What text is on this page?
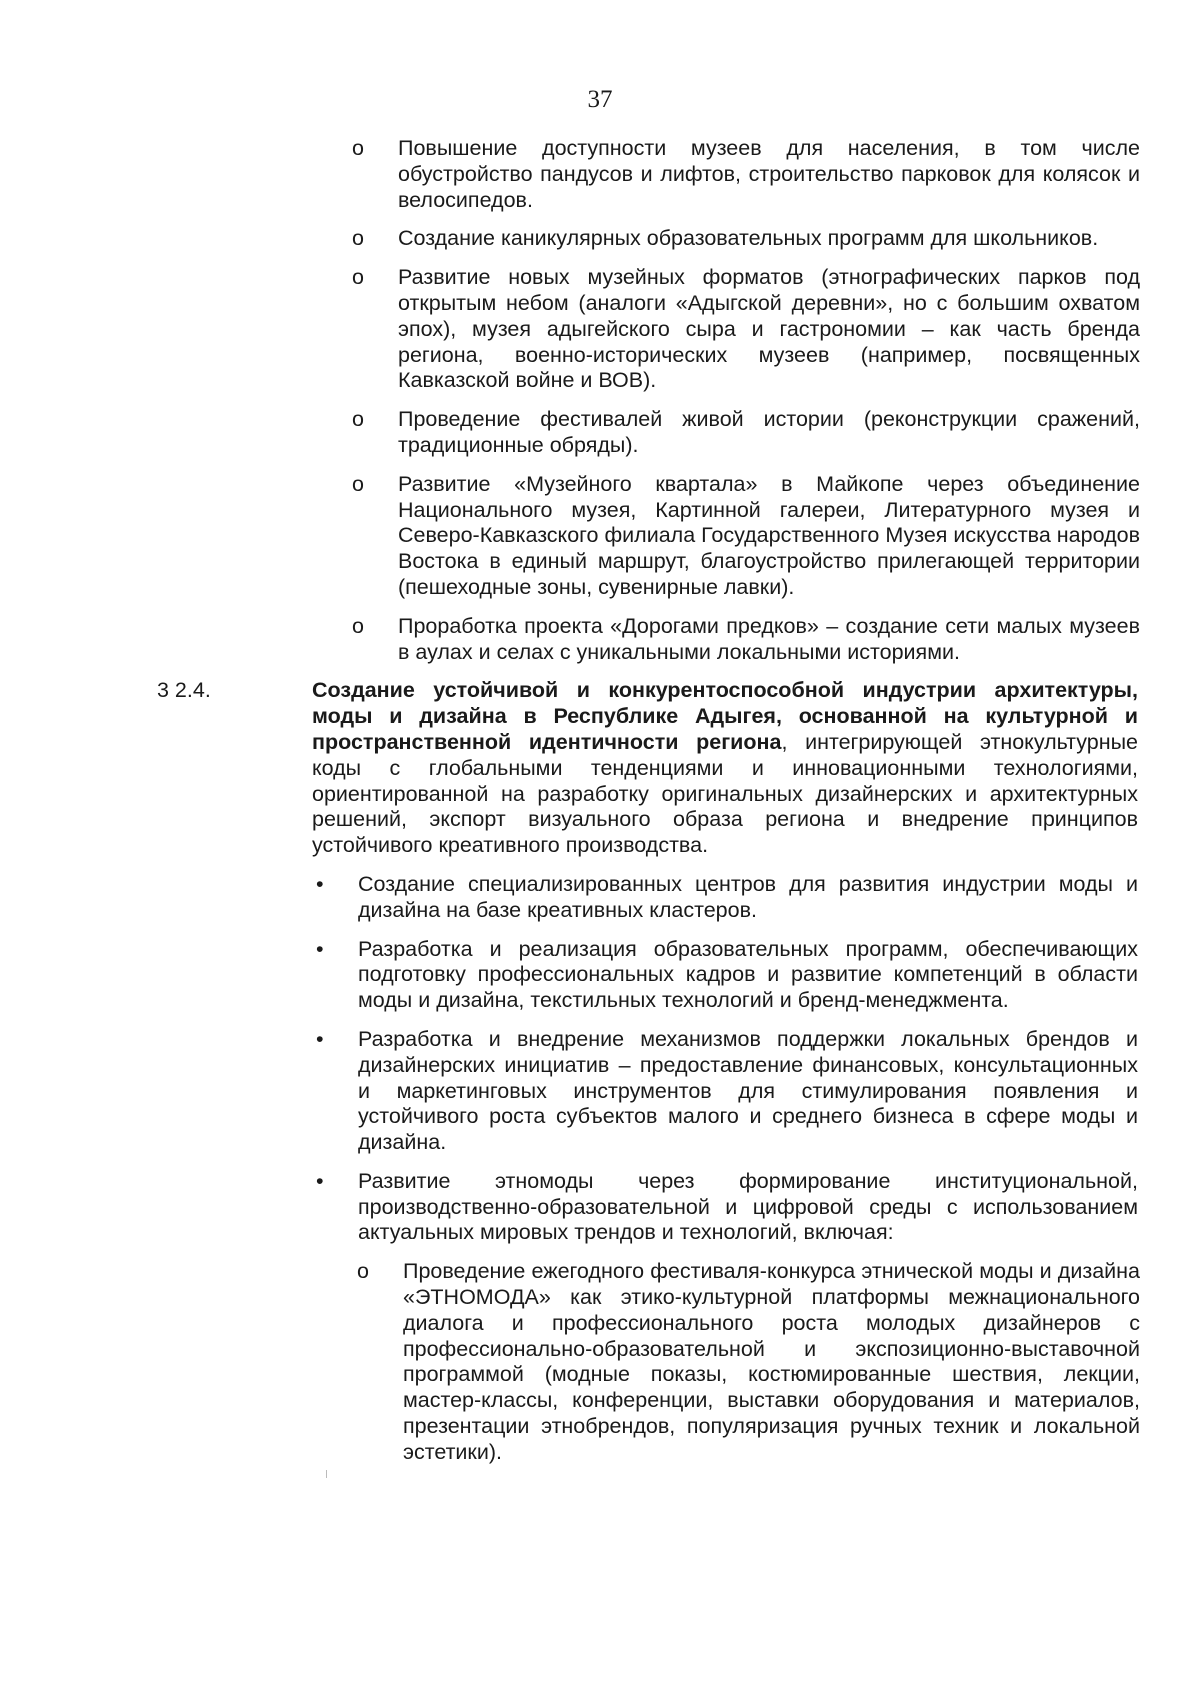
37
o	Повышение доступности музеев для населения, в том числе обустройство пандусов и лифтов, строительство парковок для колясок и велосипедов.
o	Создание каникулярных образовательных программ для школьников.
o	Развитие новых музейных форматов (этнографических парков под открытым небом (аналоги «Адыгской деревни», но с большим охватом эпох), музея адыгейского сыра и гастрономии – как часть бренда региона, военно-исторических музеев (например, посвященных Кавказской войне и ВОВ).
o	Проведение фестивалей живой истории (реконструкции сражений, традиционные обряды).
o	Развитие «Музейного квартала» в Майкопе через объединение Национального музея, Картинной галереи, Литературного музея и Северо-Кавказского филиала Государственного Музея искусства народов Востока в единый маршрут, благоустройство прилегающей территории (пешеходные зоны, сувенирные лавки).
o	Проработка проекта «Дорогами предков» – создание сети малых музеев в аулах и селах с уникальными локальными историями.
3 2.4.	Создание устойчивой и конкурентоспособной индустрии архитектуры, моды и дизайна в Республике Адыгея, основанной на культурной и пространственной идентичности региона, интегрирующей этнокультурные коды с глобальными тенденциями и инновационными технологиями, ориентированной на разработку оригинальных дизайнерских и архитектурных решений, экспорт визуального образа региона и внедрение принципов устойчивого креативного производства.
•	Создание специализированных центров для развития индустрии моды и дизайна на базе креативных кластеров.
•	Разработка и реализация образовательных программ, обеспечивающих подготовку профессиональных кадров и развитие компетенций в области моды и дизайна, текстильных технологий и бренд-менеджмента.
•	Разработка и внедрение механизмов поддержки локальных брендов и дизайнерских инициатив – предоставление финансовых, консультационных и маркетинговых инструментов для стимулирования появления и устойчивого роста субъектов малого и среднего бизнеса в сфере моды и дизайна.
•	Развитие этномоды через формирование институциональной, производственно-образовательной и цифровой среды с использованием актуальных мировых трендов и технологий, включая:
o	Проведение ежегодного фестиваля-конкурса этнической моды и дизайна «ЭТНОМОДА» как этико-культурной платформы межнационального диалога и профессионального роста молодых дизайнеров с профессионально-образовательной и экспозиционно-выставочной программой (модные показы, костюмированные шествия, лекции, мастер-классы, конференции, выставки оборудования и материалов, презентации этнобрендов, популяризация ручных техник и локальной эстетики).
